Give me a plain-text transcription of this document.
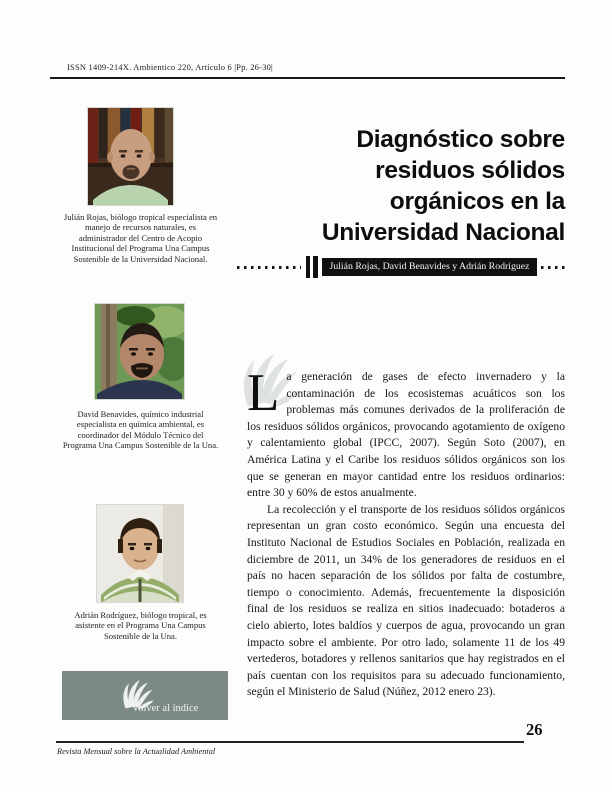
ISSN 1409-214X. Ambientico 220, Artículo 6 |Pp. 26-30|
Julián Rojas, biólogo tropical especialista en manejo de recursos naturales, es administrador del Centro de Acopio Institucional del Programa Una Campus Sostenible de la Universidad Nacional.
David Benavides, químico industrial especialista en química ambiental, es coordinador del Módulo Técnico del Programa Una Campus Sostenible de la Una.
Adrián Rodríguez, biólogo tropical, es asistente en el Programa Una Campus Sostenible de la Una.
Volver al índice
Diagnóstico sobre
residuos sólidos
orgánicos en la
Universidad Nacional
Julián Rojas, David Benavides y Adrián Rodríguez

La generación de gases de efecto invernadero y la contaminación de los ecosistemas acuáticos son los problemas más comunes derivados de la proliferación de los residuos sólidos orgánicos, provocando agotamiento de oxígeno y calentamiento global (IPCC, 2007). Según Soto (2007), en América Latina y el Caribe los residuos sólidos orgánicos son los que se generan en mayor cantidad entre los residuos ordinarios: entre 30 y 60% de estos anualmente.

La recolección y el transporte de los residuos sólidos orgánicos representan un gran costo económico. Según una encuesta del Instituto Nacional de Estudios Sociales en Población, realizada en diciembre de 2011, un 34% de los generadores de residuos en el país no hacen separación de los sólidos por falta de costumbre, tiempo o conocimiento. Además, frecuentemente la disposición final de los residuos se realiza en sitios inadecuado: botaderos a cielo abierto, lotes baldíos y cuerpos de agua, provocando un gran impacto sobre el ambiente. Por otro lado, solamente 11 de los 49 vertederos, botadores y rellenos sanitarios que hay registrados en el país cuentan con los requisitos para su adecuado funcionamiento, según el Ministerio de Salud (Núñez, 2012 enero 23).

26
Revista Mensual sobre la Actualidad Ambiental
